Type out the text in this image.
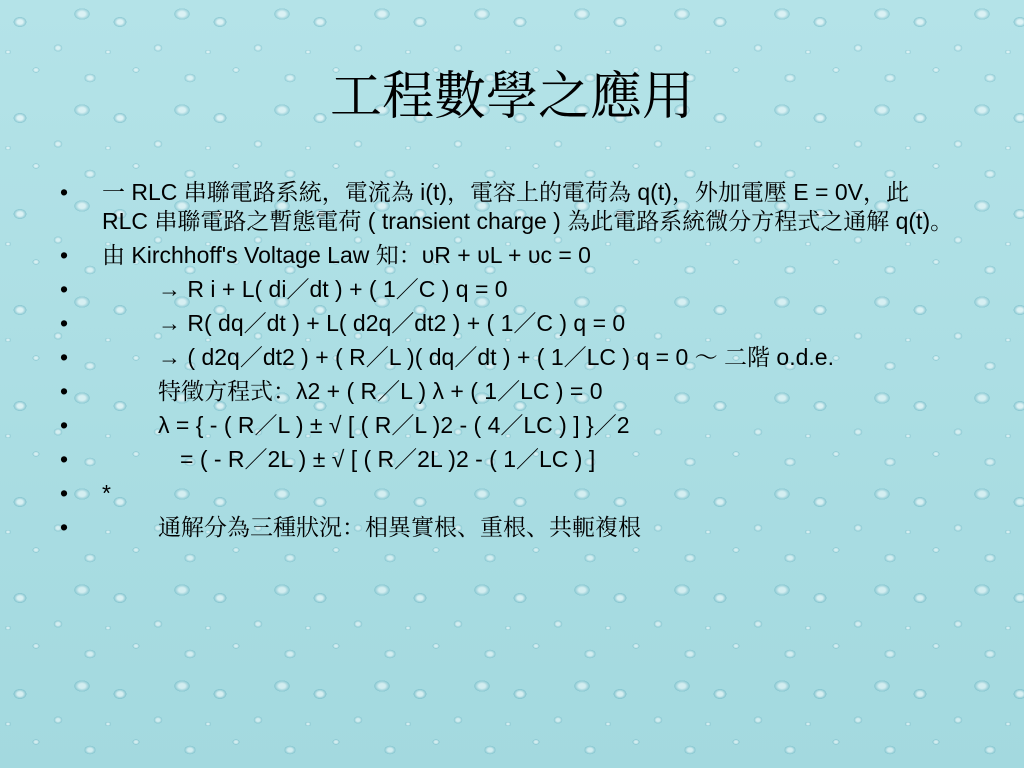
工程數學之應用
• 一 RLC 串聯電路系統，電流為 i(t)，電容上的電荷為 q(t)，外加電壓 E = 0V，此 RLC 串聯電路之暫態電荷 ( transient charge ) 為此電路系統微分方程式之通解 q(t)。
• 由 Kirchhoff's Voltage Law 知：υR + υL + υc = 0
•	→ R i + L( di／dt ) + ( 1／C ) q = 0
•	→ R( dq／dt ) + L( d2q／dt2 ) + ( 1／C ) q = 0
•	→ ( d2q／dt2 ) + ( R／L )( dq／dt ) + ( 1／LC ) q = 0 ～ 二階 o.d.e.
•	特徵方程式：λ2 + ( R／L ) λ + ( 1／LC ) = 0
•	λ = { - ( R／L ) ± √ [ ( R／L )2 - ( 4／LC ) ] }／2
•	= ( - R／2L ) ± √ [ ( R／2L )2 - ( 1／LC ) ]
• *
•	通解分為三種狀況：相異實根、重根、共軛複根
